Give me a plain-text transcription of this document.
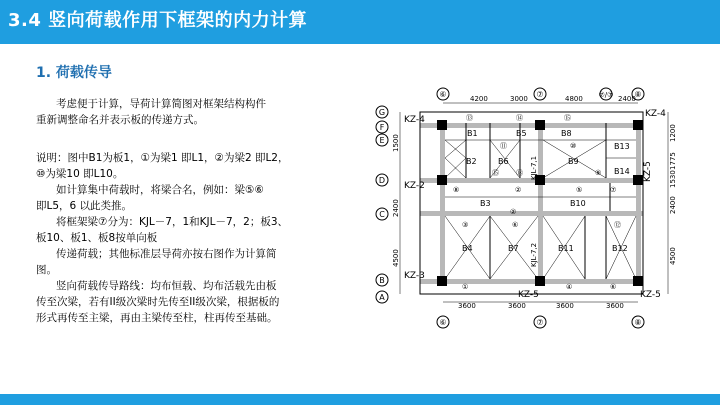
3.4 竖向荷载作用下框架的内力计算
1. 荷载传导

考虑便于计算，导荷计算简图对框架结构构件
重新调整命名并表示板的传递方式。

说明：图中B1为板1，①为梁1 即L1，②为梁2 即L2，
⑩为梁10 即L10。

如计算集中荷载时，将梁合名，例如：梁⑤⑥
即L5，6 以此类推。

将框架梁⑦分为：KJL－7，1和KJL－7，2；板3、
板10、板1、板8按单向板

传递荷载；其他标准层导荷亦按右图作为计算简
图。

竖向荷载传导路线：均布恒载、均布活载先由板
传至次梁，若有II级次梁时先传至II级次梁，根据板的
形式再传至主梁，再由主梁传至柱，柱再传至基础。

⑥	⑦	⑦/⑦	⑧
4200	3000	4800	2400
G
F
E
D
C
B
A
1500
2400
4500
1200
1775
1530
2400
4500
KZ-4
KZ-4
KZ-2
KZ-5
KZ-3
KZ-5	KZ-5
B1	B5	B8
B13
B2	B6	B9
B14
B3	B10
B4	B7	B11	B12
⑬	⑭	⑮
⑪	⑩
⑧	②	⑤	⑦
⑮ ⑱	⑨
③	⑥
②
①	④	⑥
⑫
KJL-7,1
KJL-7,2
3600	3600	3600	3600
⑥	⑦	⑧
